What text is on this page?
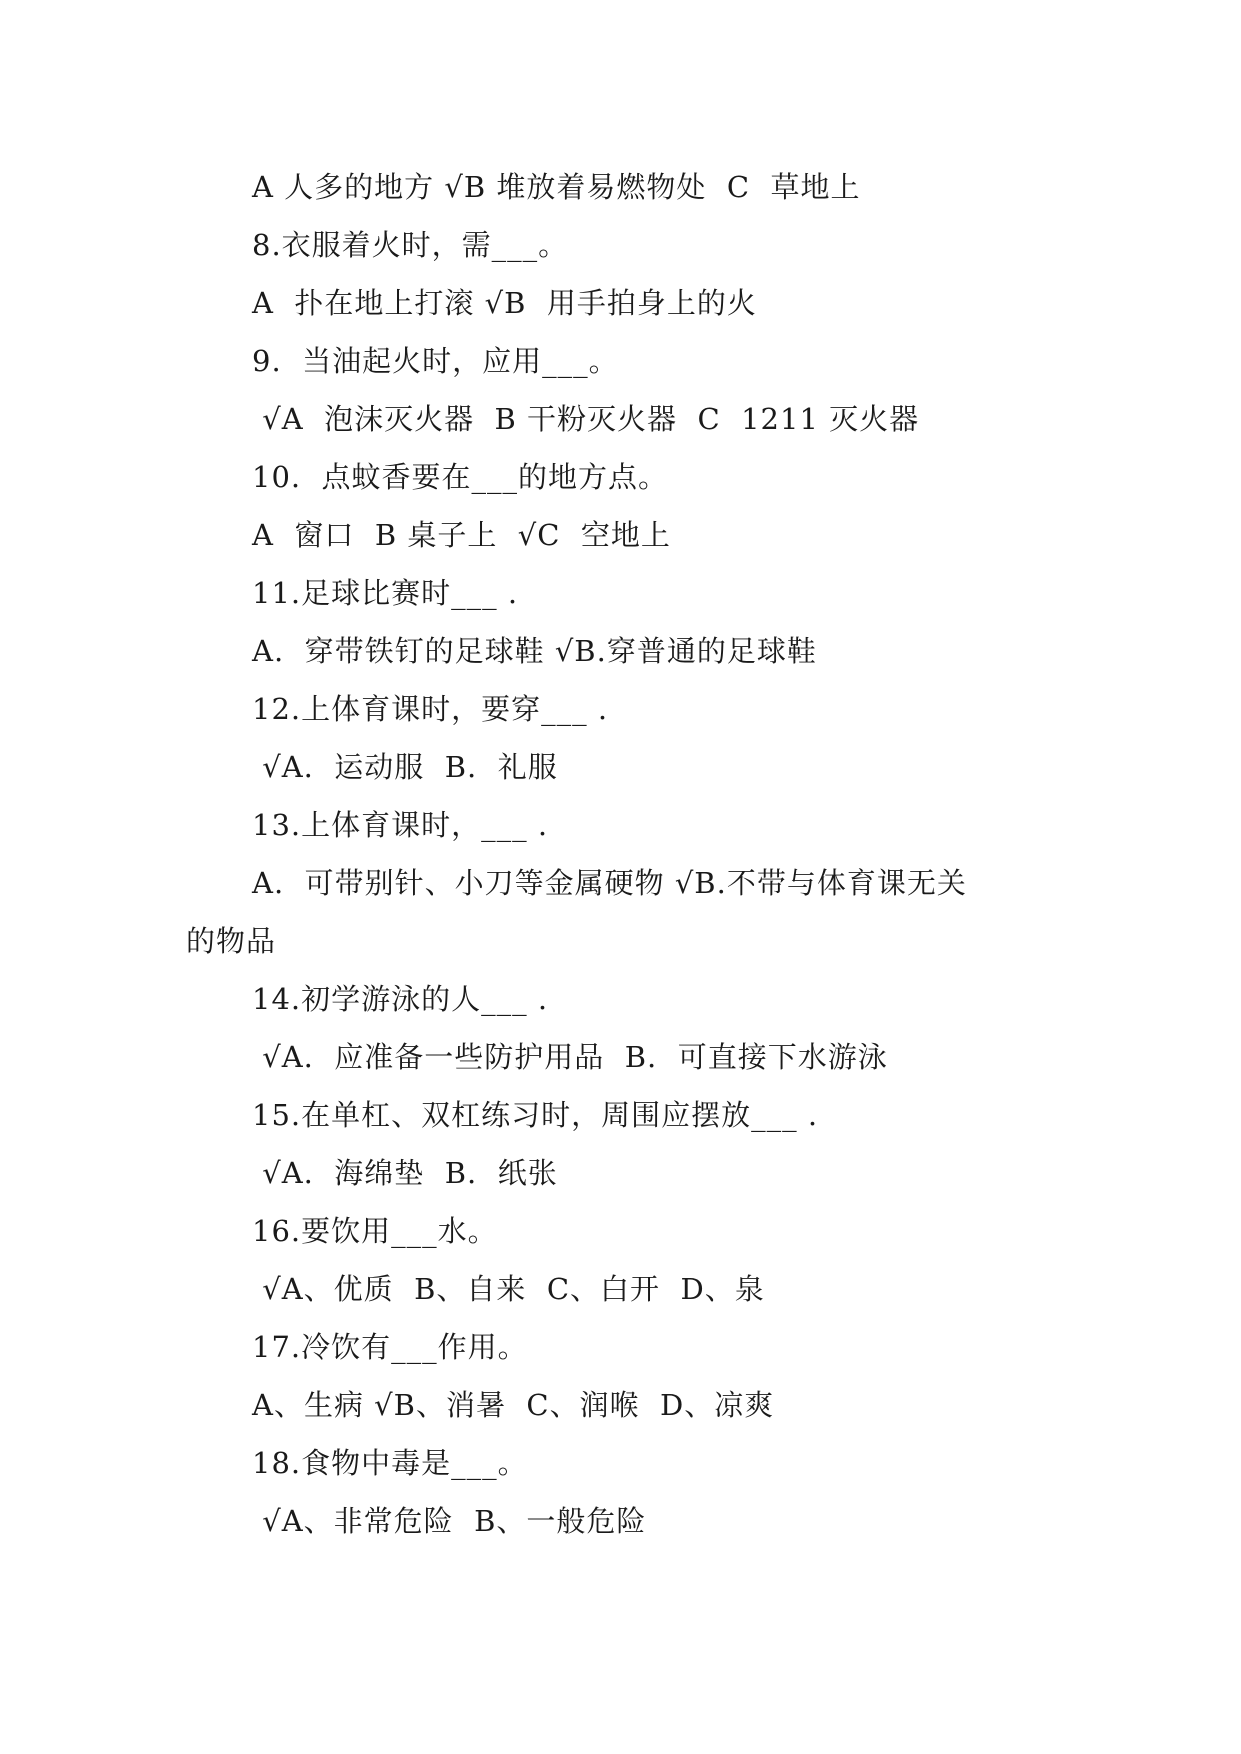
A 人多的地方 √B 堆放着易燃物处  C  草地上
8.衣服着火时，需___。
A  扑在地上打滚 √B  用手拍身上的火
9.  当油起火时，应用___。
√A  泡沫灭火器  B 干粉灭火器  C  1211 灭火器
10.  点蚊香要在___的地方点。
A  窗口  B 桌子上  √C  空地上
11.足球比赛时___ .
A.  穿带铁钉的足球鞋 √B.穿普通的足球鞋
12.上体育课时，要穿___ .
√A.  运动服  B.  礼服
13.上体育课时，___ .
A.  可带别针、小刀等金属硬物 √B.不带与体育课无关
的物品
14.初学游泳的人___ .
√A.  应准备一些防护用品  B.  可直接下水游泳
15.在单杠、双杠练习时，周围应摆放___ .
√A.  海绵垫  B.  纸张
16.要饮用___水。
√A、优质  B、自来  C、白开  D、泉
17.冷饮有___作用。
A、生病 √B、消暑  C、润喉  D、凉爽
18.食物中毒是___。
√A、非常危险  B、一般危险
